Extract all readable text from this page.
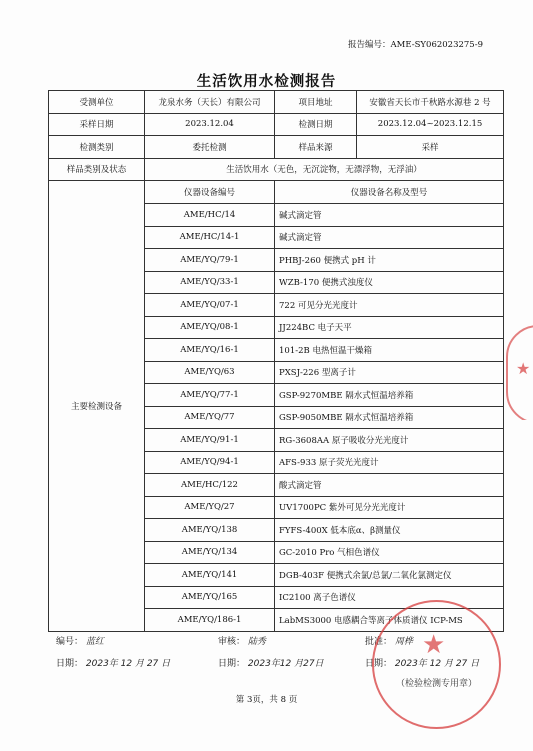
报告编号：AME-SY062023275-9
生活饮用水检测报告
受测单位	龙泉水务（天长）有限公司	项目地址	安徽省天长市千秋路水源巷 2 号
采样日期	2023.12.04	检测日期	2023.12.04~2023.12.15
检测类别	委托检测	样品来源	采样
样品类别及状态	生活饮用水（无色，无沉淀物，无漂浮物，无浮油）		
主要检测设备	仪器设备编号	仪器设备名称及型号	
	AME/HC/14	碱式滴定管	
	AME/HC/14-1	碱式滴定管	
	AME/YQ/79-1	PHBJ-260 便携式 pH 计	
	AME/YQ/33-1	WZB-170 便携式浊度仪	
	AME/YQ/07-1	722 可见分光光度计	
	AME/YQ/08-1	JJ224BC 电子天平	
	AME/YQ/16-1	101-2B 电热恒温干燥箱	
	AME/YQ/63	PXSJ-226 型离子计	
	AME/YQ/77-1	GSP-9270MBE 隔水式恒温培养箱	
	AME/YQ/77	GSP-9050MBE 隔水式恒温培养箱	
	AME/YQ/91-1	RG-3608AA 原子吸收分光光度计	
	AME/YQ/94-1	AFS-933 原子荧光光度计	
	AME/HC/122	酸式滴定管	
	AME/YQ/27	UV1700PC 紫外可见分光光度计	
	AME/YQ/138	FYFS-400X 低本底α、β测量仪	
	AME/YQ/134	GC-2010 Pro 气相色谱仪	
	AME/YQ/141	DGB-403F 便携式余氯/总氯/二氧化氯测定仪	
	AME/YQ/165	IC2100 离子色谱仪	
	AME/YQ/186-1	LabMS3000 电感耦合等离子体质谱仪 ICP-MS	
编号： 蓝红	审核： 陆秀	批准： 周桦
日期： 2023年 12 月 27 日	日期： 2023年12 月27日	日期： 2023年 12 月 27 日
★
（检验检测专用章）
★
第 3页，共 8 页
